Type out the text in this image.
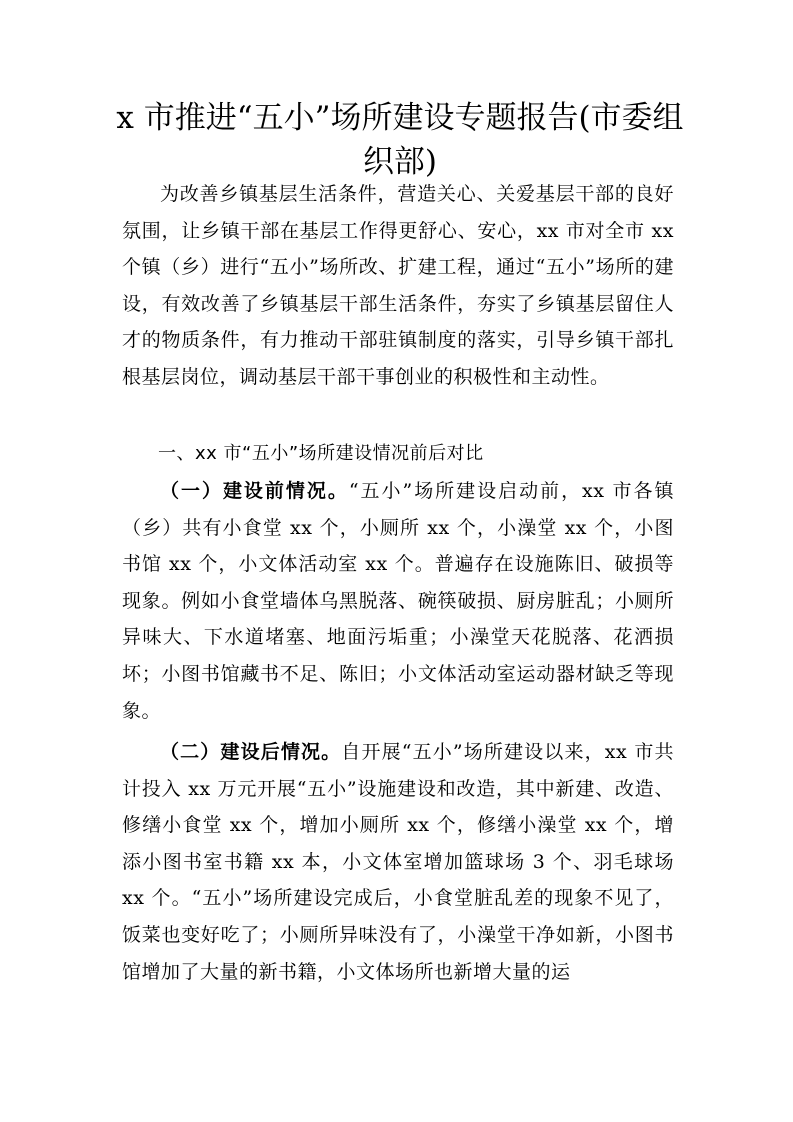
x 市推进“五小”场所建设专题报告(市委组织部)

为改善乡镇基层生活条件，营造关心、关爱基层干部的良好氛围，让乡镇干部在基层工作得更舒心、安心，xx 市对全市 xx 个镇（乡）进行“五小”场所改、扩建工程，通过“五小”场所的建设，有效改善了乡镇基层干部生活条件，夯实了乡镇基层留住人才的物质条件，有力推动干部驻镇制度的落实，引导乡镇干部扎根基层岗位，调动基层干部干事创业的积极性和主动性。

一、xx 市“五小”场所建设情况前后对比

（一）建设前情况。“五小”场所建设启动前，xx 市各镇（乡）共有小食堂 xx 个，小厕所 xx 个，小澡堂 xx 个，小图书馆 xx 个，小文体活动室 xx 个。普遍存在设施陈旧、破损等现象。例如小食堂墙体乌黑脱落、碗筷破损、厨房脏乱；小厕所异味大、下水道堵塞、地面污垢重；小澡堂天花脱落、花洒损坏；小图书馆藏书不足、陈旧；小文体活动室运动器材缺乏等现象。

（二）建设后情况。自开展“五小”场所建设以来，xx 市共计投入 xx 万元开展“五小”设施建设和改造，其中新建、改造、修缮小食堂 xx 个，增加小厕所 xx 个，修缮小澡堂 xx 个，增添小图书室书籍 xx 本，小文体室增加篮球场 3 个、羽毛球场 xx 个。“五小”场所建设完成后，小食堂脏乱差的现象不见了，饭菜也变好吃了；小厕所异味没有了，小澡堂干净如新，小图书馆增加了大量的新书籍，小文体场所也新增大量的运
